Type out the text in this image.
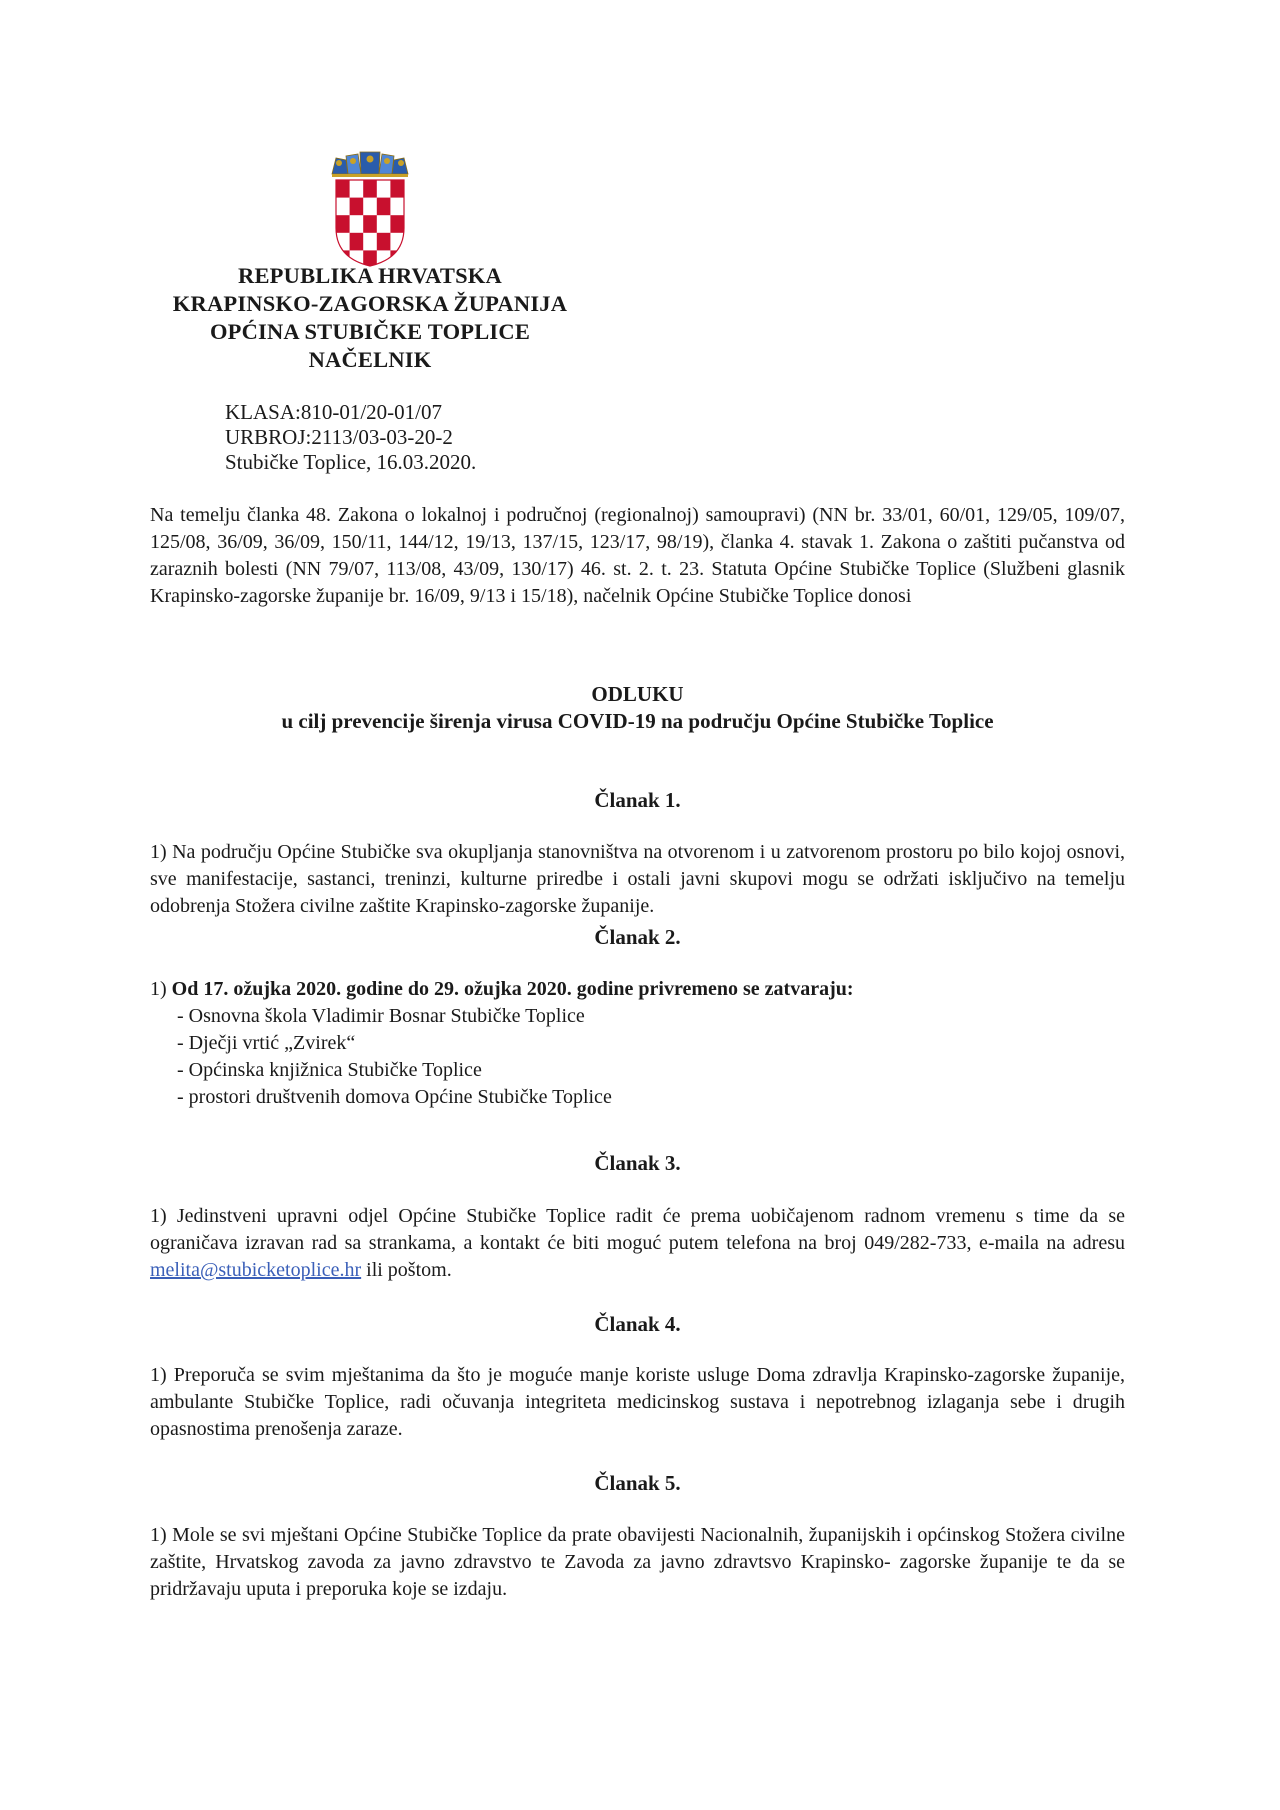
REPUBLIKA HRVATSKA
KRAPINSKO-ZAGORSKA ŽUPANIJA
OPĆINA STUBIČKE TOPLICE
NAČELNIK
KLASA:810-01/20-01/07
URBROJ:2113/03-03-20-2
Stubičke Toplice, 16.03.2020.
Na temelju članka 48. Zakona o lokalnoj i područnoj (regionalnoj) samoupravi) (NN br. 33/01, 60/01, 129/05, 109/07, 125/08, 36/09, 36/09, 150/11, 144/12, 19/13, 137/15, 123/17, 98/19), članka 4. stavak 1. Zakona o zaštiti pučanstva od zaraznih bolesti (NN 79/07, 113/08, 43/09, 130/17) 46. st. 2. t. 23. Statuta Općine Stubičke Toplice (Službeni glasnik Krapinsko-zagorske županije br. 16/09, 9/13 i 15/18), načelnik Općine Stubičke Toplice donosi
ODLUKU
u cilj prevencije širenja virusa COVID-19 na području Općine Stubičke Toplice
Članak 1.
1) Na području Općine Stubičke sva okupljanja stanovništva na otvorenom i u zatvorenom prostoru po bilo kojoj osnovi, sve manifestacije, sastanci, treninzi, kulturne priredbe i ostali javni skupovi mogu se održati isključivo na temelju odobrenja Stožera civilne zaštite Krapinsko-zagorske županije.
Članak 2.
1) Od 17. ožujka 2020. godine do 29. ožujka 2020. godine privremeno se zatvaraju:
- Osnovna škola Vladimir Bosnar Stubičke Toplice
- Dječji vrtić „Zvirek“
- Općinska knjižnica Stubičke Toplice
- prostori društvenih domova Općine Stubičke Toplice
Članak 3.
1) Jedinstveni upravni odjel Općine Stubičke Toplice radit će prema uobičajenom radnom vremenu s time da se ograničava izravan rad sa strankama, a kontakt će biti moguć putem telefona na broj 049/282-733, e-maila na adresu melita@stubicketoplice.hr ili poštom.
Članak 4.
1) Preporuča se svim mještanima da što je moguće manje koriste usluge Doma zdravlja Krapinsko-zagorske županije, ambulante Stubičke Toplice, radi očuvanja integriteta medicinskog sustava i nepotrebnog izlaganja sebe i drugih opasnostima prenošenja zaraze.
Članak 5.
1) Mole se svi mještani Općine Stubičke Toplice da prate obavijesti Nacionalnih, županijskih i općinskog Stožera civilne zaštite, Hrvatskog zavoda za javno zdravstvo te Zavoda za javno zdravtsvo Krapinsko- zagorske županije te da se pridržavaju uputa i preporuka koje se izdaju.
